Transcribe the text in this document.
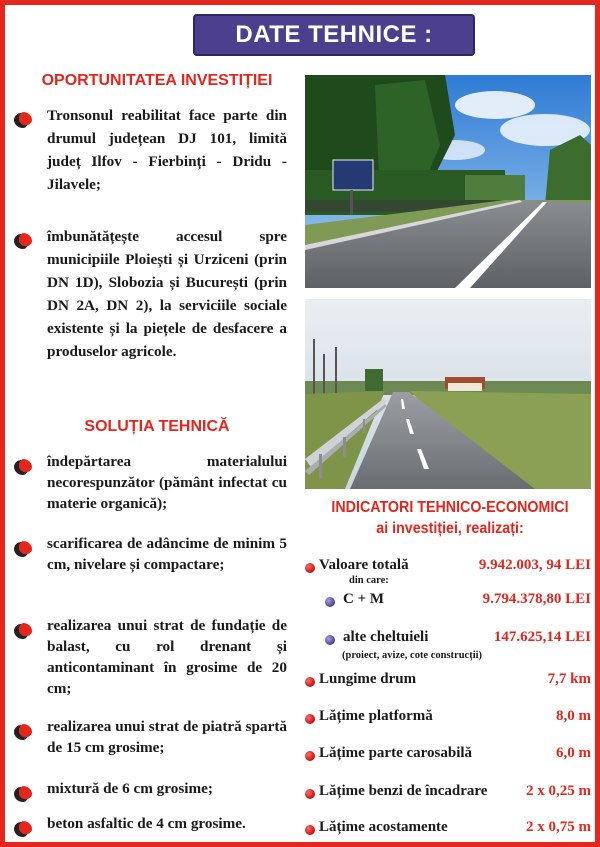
DATE TEHNICE :
OPORTUNITATEA INVESTIȚIEI

Tronsonul reabilitat face parte din drumul județean DJ 101, limită județ Ilfov - Fierbinți - Dridu - Jilavele;

îmbunătățește accesul spre municipiile Ploiești și Urziceni (prin DN 1D), Slobozia și București (prin DN 2A, DN 2), la serviciile sociale existente și la piețele de desfacere a produselor agricole.

SOLUȚIA TEHNICĂ

îndepărtarea materialului necorespunzător (pământ infectat cu materie organică);

scarificarea de adâncime de minim 5 cm, nivelare și compactare;

realizarea unui strat de fundație de balast, cu rol drenant și anticontaminant în grosime de 20 cm;

realizarea unui strat de piatră spartă de 15 cm grosime;

mixtură de 6 cm grosime;

beton asfaltic de 4 cm grosime.

INDICATORI TEHNICO-ECONOMICI
ai investiției, realizați:
Valoare totală	9.942.003, 94 LEI
din care:
C + M	9.794.378,80 LEI
alte cheltuieli	147.625,14 LEI
(proiect, avize, cote construcții)
Lungime drum	7,7 km
Lățime platformă	8,0 m
Lățime parte carosabilă	6,0 m
Lățime benzi de încadrare	2 x 0,25 m
Lățime acostamente	2 x 0,75 m
